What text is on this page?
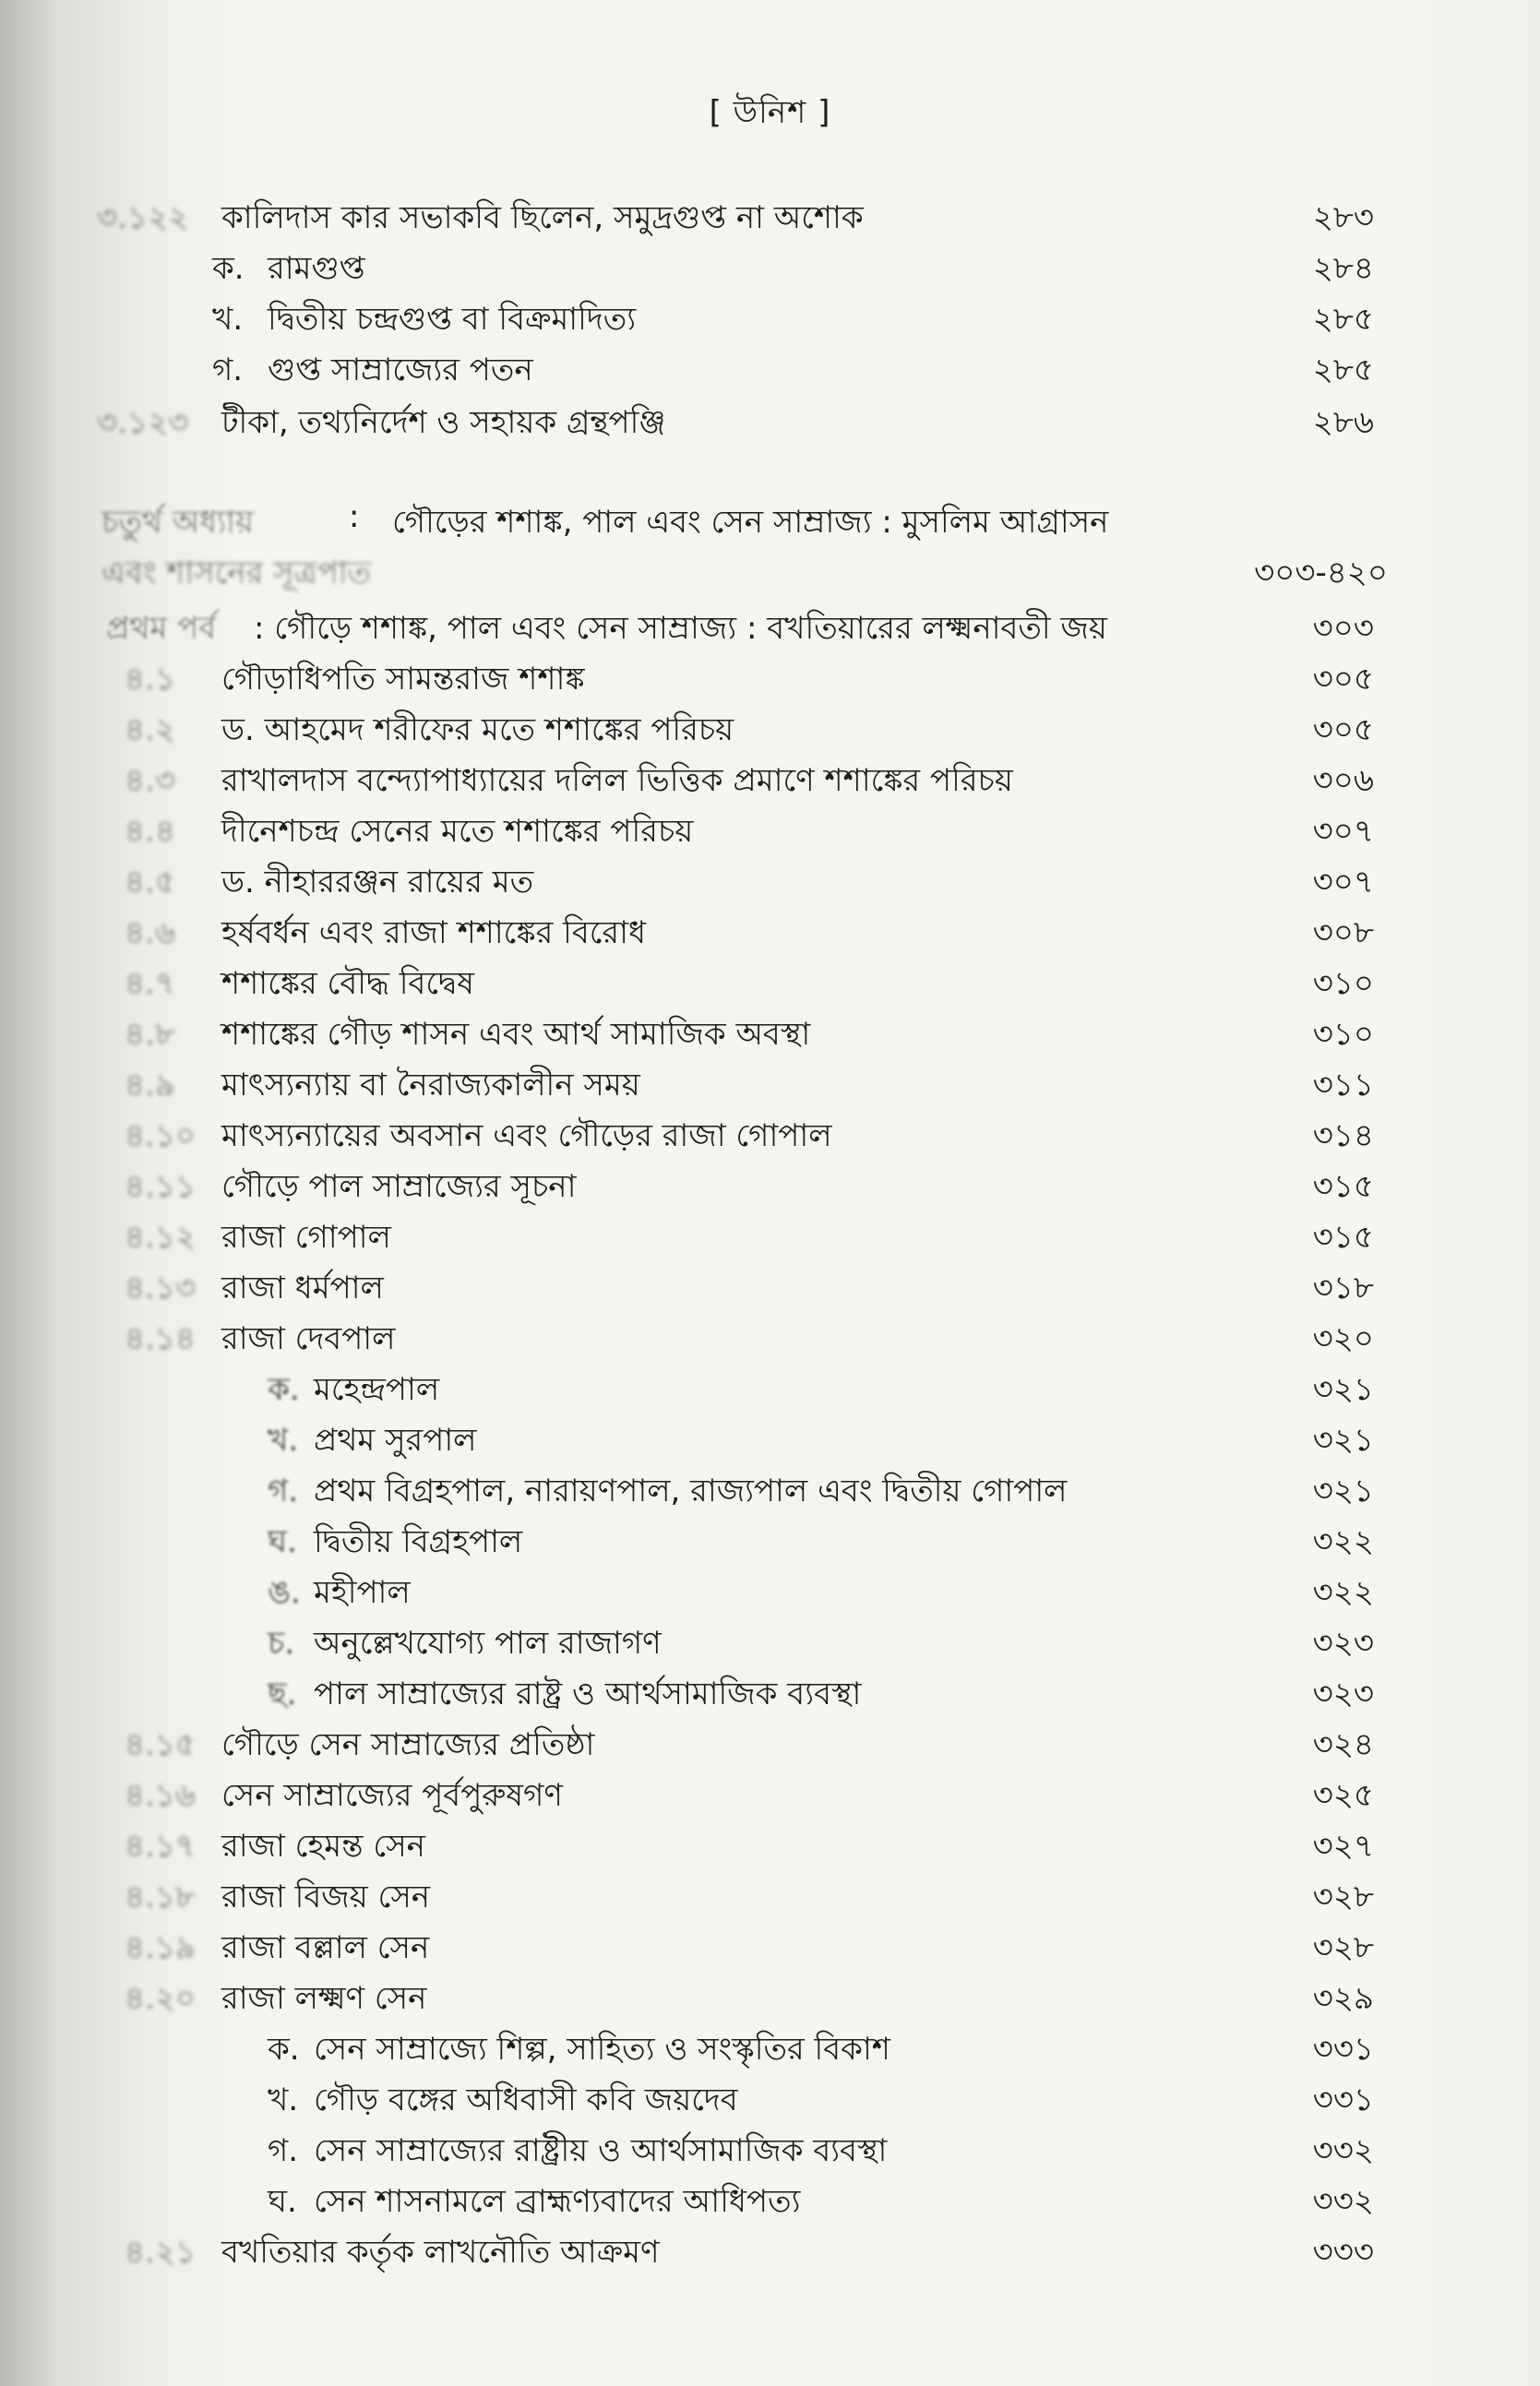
[ উনিশ ]
৩.১২২ কালিদাস কার সভাকবি ছিলেন, সমুদ্রগুপ্ত না অশোক	২৮৩
ক. রামগুপ্ত	২৮৪
খ. দ্বিতীয় চন্দ্রগুপ্ত বা বিক্রমাদিত্য	২৮৫
গ. গুপ্ত সাম্রাজ্যের পতন	২৮৫
৩.১২৩ টীকা, তথ্যনির্দেশ ও সহায়ক গ্রন্থপঞ্জি	২৮৬
চতুর্থ অধ্যায়	: গৌড়ের শশাঙ্ক, পাল এবং সেন সাম্রাজ্য : মুসলিম আগ্রাসন
এবং শাসনের সূত্রপাত	৩০৩-৪২০
প্রথম পর্ব : গৌড়ে শশাঙ্ক, পাল এবং সেন সাম্রাজ্য : বখতিয়ারের লক্ষ্মনাবতী জয়	৩০৩
৪.১ গৌড়াধিপতি সামন্তরাজ শশাঙ্ক	৩০৫
৪.২ ড. আহমেদ শরীফের মতে শশাঙ্কের পরিচয়	৩০৫
৪.৩ রাখালদাস বন্দ্যোপাধ্যায়ের দলিল ভিত্তিক প্রমাণে শশাঙ্কের পরিচয়	৩০৬
৪.৪ দীনেশচন্দ্র সেনের মতে শশাঙ্কের পরিচয়	৩০৭
৪.৫ ড. নীহাররঞ্জন রায়ের মত	৩০৭
৪.৬ হর্ষবর্ধন এবং রাজা শশাঙ্কের বিরোধ	৩০৮
৪.৭ শশাঙ্কের বৌদ্ধ বিদ্বেষ	৩১০
৪.৮ শশাঙ্কের গৌড় শাসন এবং আর্থ সামাজিক অবস্থা	৩১০
৪.৯ মাৎস্যন্যায় বা নৈরাজ্যকালীন সময়	৩১১
৪.১০ মাৎস্যন্যায়ের অবসান এবং গৌড়ের রাজা গোপাল	৩১৪
৪.১১ গৌড়ে পাল সাম্রাজ্যের সূচনা	৩১৫
৪.১২ রাজা গোপাল	৩১৫
৪.১৩ রাজা ধর্মপাল	৩১৮
৪.১৪ রাজা দেবপাল	৩২০
ক. মহেন্দ্রপাল	৩২১
খ. প্রথম সুরপাল	৩২১
গ. প্রথম বিগ্রহপাল, নারায়ণপাল, রাজ্যপাল এবং দ্বিতীয় গোপাল	৩২১
ঘ. দ্বিতীয় বিগ্রহপাল	৩২২
ঙ. মহীপাল	৩২২
চ. অনুল্লেখযোগ্য পাল রাজাগণ	৩২৩
ছ. পাল সাম্রাজ্যের রাষ্ট্র ও আর্থসামাজিক ব্যবস্থা	৩২৩
৪.১৫ গৌড়ে সেন সাম্রাজ্যের প্রতিষ্ঠা	৩২৪
৪.১৬ সেন সাম্রাজ্যের পূর্বপুরুষগণ	৩২৫
৪.১৭ রাজা হেমন্ত সেন	৩২৭
৪.১৮ রাজা বিজয় সেন	৩২৮
৪.১৯ রাজা বল্লাল সেন	৩২৮
৪.২০ রাজা লক্ষ্মণ সেন	৩২৯
ক. সেন সাম্রাজ্যে শিল্প, সাহিত্য ও সংস্কৃতির বিকাশ	৩৩১
খ. গৌড় বঙ্গের অধিবাসী কবি জয়দেব	৩৩১
গ. সেন সাম্রাজ্যের রাষ্ট্রীয় ও আর্থসামাজিক ব্যবস্থা	৩৩২
ঘ. সেন শাসনামলে ব্রাহ্মণ্যবাদের আধিপত্য	৩৩২
৪.২১ বখতিয়ার কর্তৃক লাখনৌতি আক্রমণ	৩৩৩
